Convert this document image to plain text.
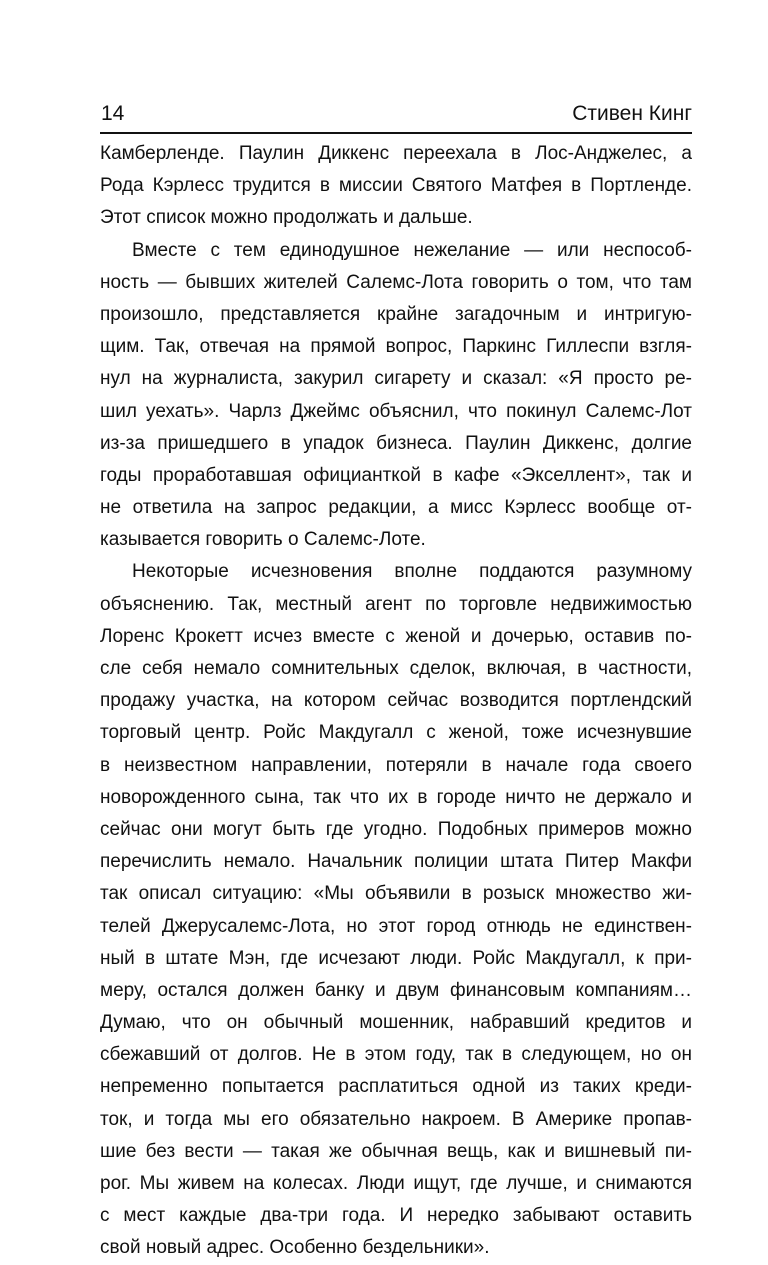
14	Стивен Кинг
Камберленде. Паулин Диккенс переехала в Лос-Анджелес, а
Рода Кэрлесс трудится в миссии Святого Матфея в Портленде.
Этот список можно продолжать и дальше.
Вместе с тем единодушное нежелание — или неспособ-
ность — бывших жителей Салемс-Лота говорить о том, что там
произошло, представляется крайне загадочным и интригую-
щим. Так, отвечая на прямой вопрос, Паркинс Гиллеспи взгля-
нул на журналиста, закурил сигарету и сказал: «Я просто ре-
шил уехать». Чарлз Джеймс объяснил, что покинул Салемс-Лот
из-за пришедшего в упадок бизнеса. Паулин Диккенс, долгие
годы проработавшая официанткой в кафе «Экселлент», так и
не ответила на запрос редакции, а мисс Кэрлесс вообще от-
казывается говорить о Салемс-Лоте.
Некоторые исчезновения вполне поддаются разумному
объяснению. Так, местный агент по торговле недвижимостью
Лоренс Крокетт исчез вместе с женой и дочерью, оставив по-
сле себя немало сомнительных сделок, включая, в частности,
продажу участка, на котором сейчас возводится портлендский
торговый центр. Ройс Макдугалл с женой, тоже исчезнувшие
в неизвестном направлении, потеряли в начале года своего
новорожденного сына, так что их в городе ничто не держало и
сейчас они могут быть где угодно. Подобных примеров можно
перечислить немало. Начальник полиции штата Питер Макфи
так описал ситуацию: «Мы объявили в розыск множество жи-
телей Джерусалемс-Лота, но этот город отнюдь не единствен-
ный в штате Мэн, где исчезают люди. Ройс Макдугалл, к при-
меру, остался должен банку и двум финансовым компаниям…
Думаю, что он обычный мошенник, набравший кредитов и
сбежавший от долгов. Не в этом году, так в следующем, но он
непременно попытается расплатиться одной из таких креди-
ток, и тогда мы его обязательно накроем. В Америке пропав-
шие без вести — такая же обычная вещь, как и вишневый пи-
рог. Мы живем на колесах. Люди ищут, где лучше, и снимаются
с мест каждые два-три года. И нередко забывают оставить
свой новый адрес. Особенно бездельники».
